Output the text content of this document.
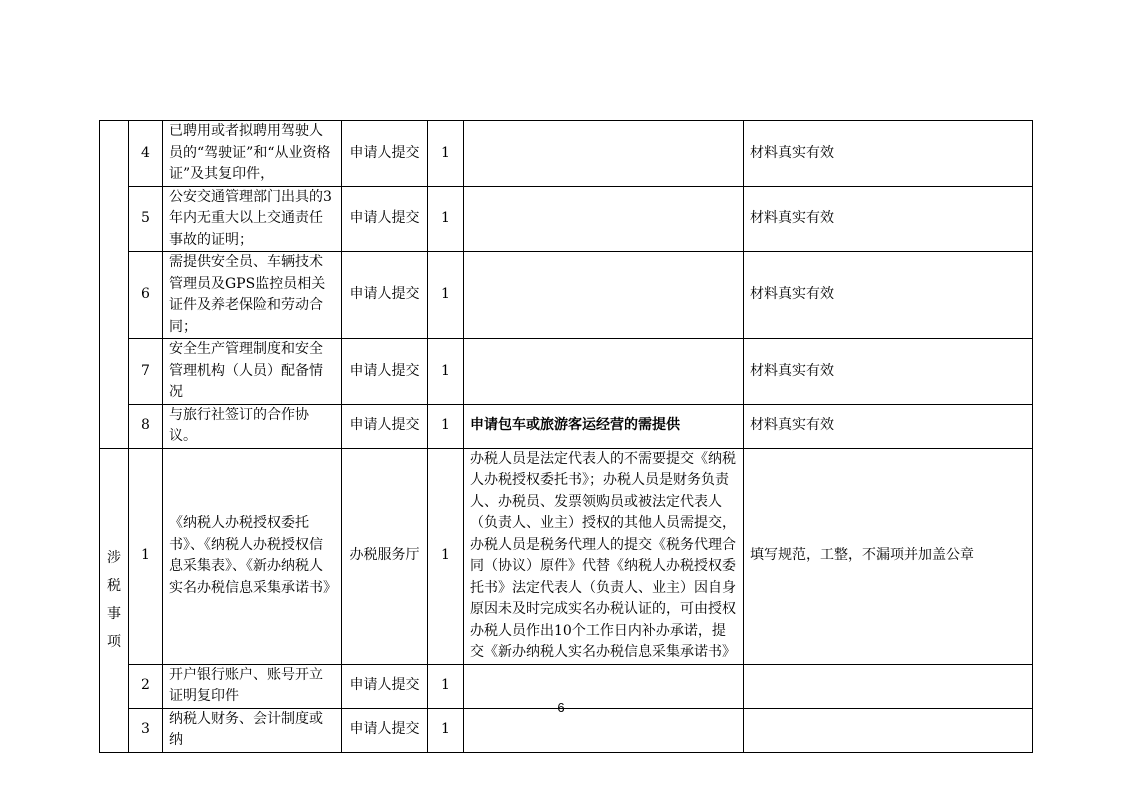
	4	已聘用或者拟聘用驾驶人员的“驾驶证”和“从业资格证”及其复印件，	申请人提交	1		材料真实有效
	5	公安交通管理部门出具的3年内无重大以上交通责任事故的证明；	申请人提交	1		材料真实有效
	6	需提供安全员、车辆技术管理员及GPS监控员相关证件及养老保险和劳动合同；	申请人提交	1		材料真实有效
	7	安全生产管理制度和安全管理机构（人员）配备情况	申请人提交	1		材料真实有效
	8	与旅行社签订的合作协议。	申请人提交	1	申请包车或旅游客运经营的需提供	材料真实有效

涉税事项	1	《纳税人办税授权委托书》、《纳税人办税授权信息采集表》、《新办纳税人实名办税信息采集承诺书》	办税服务厅	1	办税人员是法定代表人的不需要提交《纳税人办税授权委托书》；办税人员是财务负责人、办税员、发票领购员或被法定代表人（负责人、业主）授权的其他人员需提交，办税人员是税务代理人的提交《税务代理合同（协议）原件》代替《纳税人办税授权委托书》法定代表人（负责人、业主）因自身原因未及时完成实名办税认证的，可由授权办税人员作出10个工作日内补办承诺，提交《新办纳税人实名办税信息采集承诺书》	填写规范，工整，不漏项并加盖公章
	2	开户银行账户、账号开立证明复印件	申请人提交	1		
	3	纳税人财务、会计制度或纳	申请人提交	1		
6
